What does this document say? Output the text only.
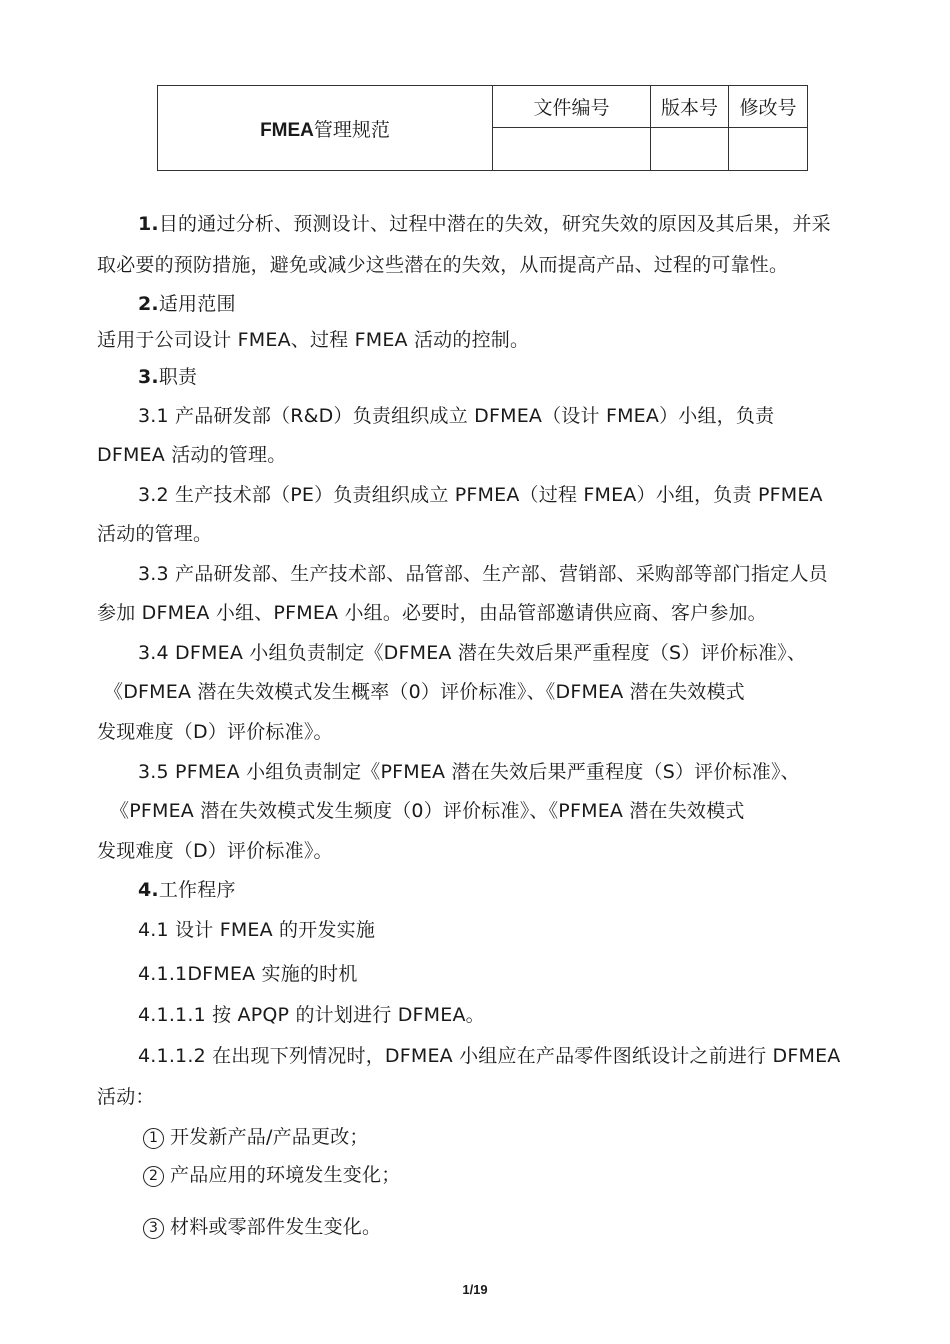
FMEA管理规范	文件编号	版本号	修改号

1.目的通过分析、预测设计、过程中潜在的失效，研究失效的原因及其后果，并采
取必要的预防措施，避免或减少这些潜在的失效，从而提高产品、过程的可靠性。
2.适用范围
适用于公司设计 FMEA、过程 FMEA 活动的控制。
3.职责
3.1 产品研发部（R&D）负责组织成立 DFMEA（设计 FMEA）小组，负责
DFMEA 活动的管理。
3.2 生产技术部（PE）负责组织成立 PFMEA（过程 FMEA）小组，负责 PFMEA
活动的管理。
3.3 产品研发部、生产技术部、品管部、生产部、营销部、采购部等部门指定人员
参加 DFMEA 小组、PFMEA 小组。必要时，由品管部邀请供应商、客户参加。
3.4 DFMEA 小组负责制定《DFMEA 潜在失效后果严重程度（S）评价标准》、
《DFMEA 潜在失效模式发生概率（0）评价标准》、《DFMEA 潜在失效模式
发现难度（D）评价标准》。
3.5 PFMEA 小组负责制定《PFMEA 潜在失效后果严重程度（S）评价标准》、
《PFMEA 潜在失效模式发生频度（0）评价标准》、《PFMEA 潜在失效模式
发现难度（D）评价标准》。
4.工作程序
4.1 设计 FMEA 的开发实施
4.1.1DFMEA 实施的时机
4.1.1.1 按 APQP 的计划进行 DFMEA。
4.1.1.2 在出现下列情况时，DFMEA 小组应在产品零件图纸设计之前进行 DFMEA
活动：
1 开发新产品/产品更改；
2 产品应用的环境发生变化；
3 材料或零部件发生变化。
1/19
